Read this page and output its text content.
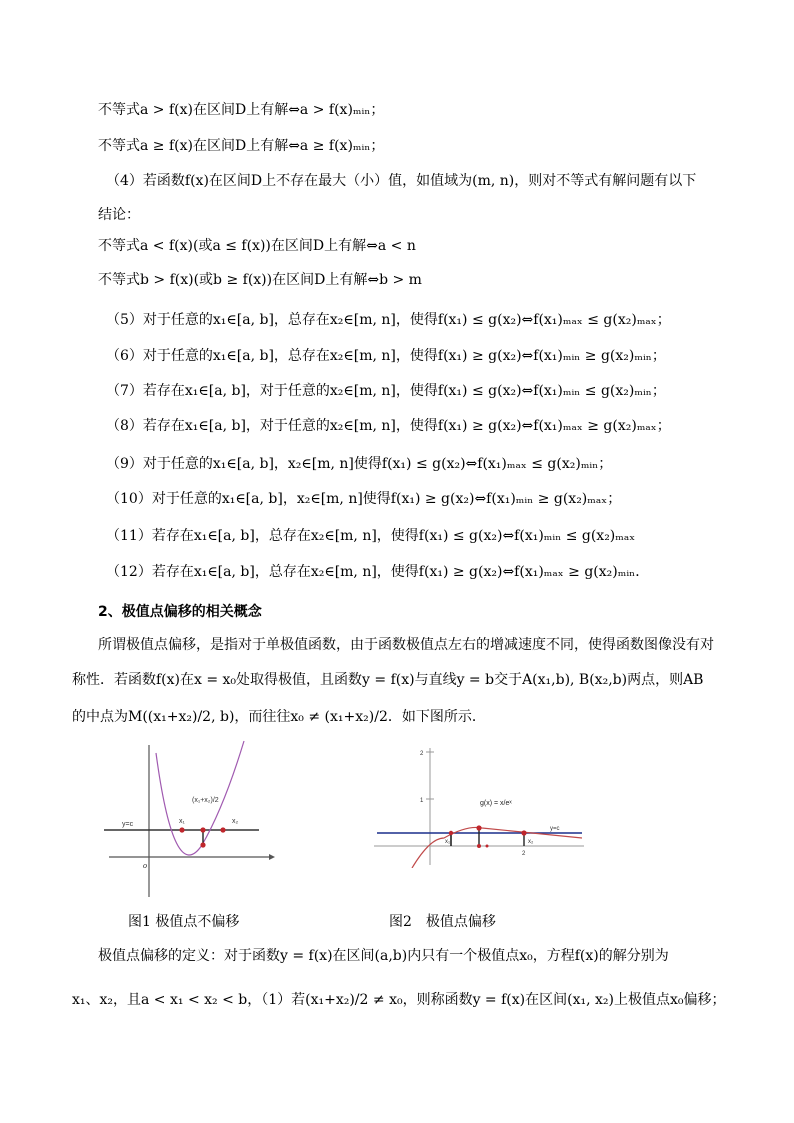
不等式a > f(x)在区间D上有解⇔a > f(x)ₘᵢₙ；
不等式a ≥ f(x)在区间D上有解⇔a ≥ f(x)ₘᵢₙ；
（4）若函数f(x)在区间D上不存在最大（小）值，如值域为(m, n)，则对不等式有解问题有以下
结论：
不等式a < f(x)(或a ≤ f(x))在区间D上有解⇔a < n
不等式b > f(x)(或b ≥ f(x))在区间D上有解⇔b > m
（5）对于任意的x₁∈[a, b]，总存在x₂∈[m, n]，使得f(x₁) ≤ g(x₂)⇔f(x₁)ₘₐₓ ≤ g(x₂)ₘₐₓ；
（6）对于任意的x₁∈[a, b]，总存在x₂∈[m, n]，使得f(x₁) ≥ g(x₂)⇔f(x₁)ₘᵢₙ ≥ g(x₂)ₘᵢₙ；
（7）若存在x₁∈[a, b]，对于任意的x₂∈[m, n]，使得f(x₁) ≤ g(x₂)⇔f(x₁)ₘᵢₙ ≤ g(x₂)ₘᵢₙ；
（8）若存在x₁∈[a, b]，对于任意的x₂∈[m, n]，使得f(x₁) ≥ g(x₂)⇔f(x₁)ₘₐₓ ≥ g(x₂)ₘₐₓ；
（9）对于任意的x₁∈[a, b]，x₂∈[m, n]使得f(x₁) ≤ g(x₂)⇔f(x₁)ₘₐₓ ≤ g(x₂)ₘᵢₙ；
（10）对于任意的x₁∈[a, b]，x₂∈[m, n]使得f(x₁) ≥ g(x₂)⇔f(x₁)ₘᵢₙ ≥ g(x₂)ₘₐₓ；
（11）若存在x₁∈[a, b]，总存在x₂∈[m, n]，使得f(x₁) ≤ g(x₂)⇔f(x₁)ₘᵢₙ ≤ g(x₂)ₘₐₓ
（12）若存在x₁∈[a, b]，总存在x₂∈[m, n]，使得f(x₁) ≥ g(x₂)⇔f(x₁)ₘₐₓ ≥ g(x₂)ₘᵢₙ．
2、极值点偏移的相关概念
所谓极值点偏移，是指对于单极值函数，由于函数极值点左右的增减速度不同，使得函数图像没有对
称性．若函数f(x)在x = x₀处取得极值，且函数y = f(x)与直线y = b交于A(x₁,b), B(x₂,b)两点，则AB
的中点为M((x₁+x₂)/2, b)，而往往x₀ ≠ (x₁+x₂)/2．如下图所示．
y=c	x₁	x₂
(x₁+x₂)/2
o
g(x) = x/eˣ
y=c
2
1
x₁	x₂
2
图1 极值点不偏移	图2　极值点偏移
极值点偏移的定义：对于函数y = f(x)在区间(a,b)内只有一个极值点x₀，方程f(x)的解分别为
x₁、x₂，且a < x₁ < x₂ < b，（1）若(x₁+x₂)/2 ≠ x₀，则称函数y = f(x)在区间(x₁, x₂)上极值点x₀偏移；
